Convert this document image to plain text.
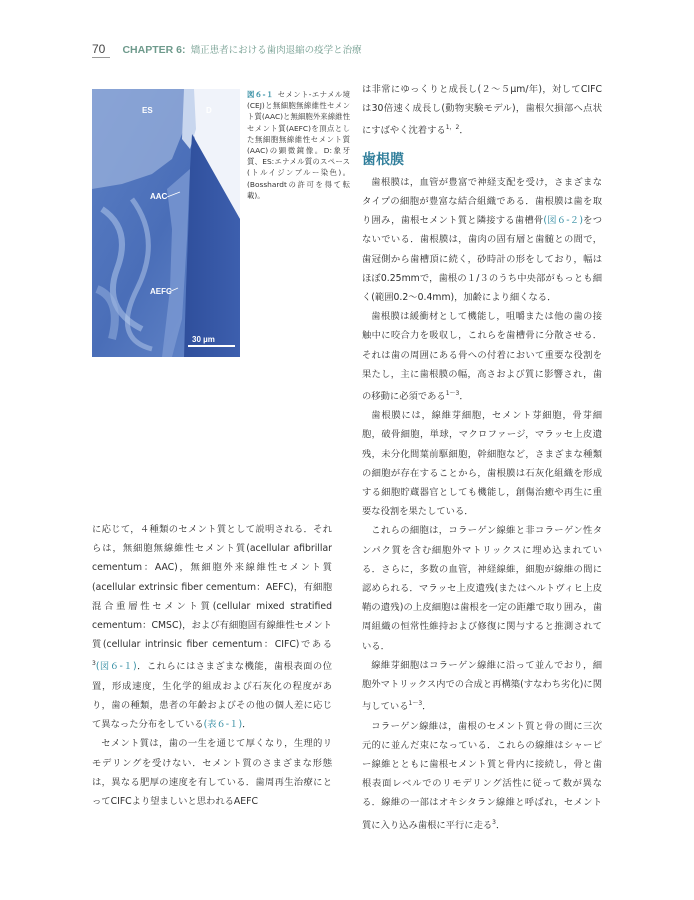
70 CHAPTER 6: 矯正患者における歯肉退縮の疫学と治療
ES	D
AAC
AEFC
30 µm
図６-１ セメント-エナメル境(CEJ)と無細胞無線維性セメント質(AAC)と無細胞外来線維性セメント質(AEFC)を頂点とした無細胞無線維性セメント質(AAC)の顕微鏡像。D:象牙質、ES:エナメル質のスペース(トルイジンブルー染色)。(Bosshardtの許可を得て転載)。

に応じて，４種類のセメント質として説明される．それらは，無細胞無線維性セメント質(acellular afibrillar cementum：AAC)，無細胞外来線維性セメント質(acellular extrinsic fiber cementum：AEFC)，有細胞混合重層性セメント質(cellular mixed stratified cementum：CMSC)，および有細胞固有線維性セメント質(cellular intrinsic fiber cementum：CIFC)である$^3$(図６-１)．これらにはさまざまな機能，歯根表面の位置，形成速度，生化学的組成および石灰化の程度があり，歯の種類，患者の年齢およびその他の個人差に応じて異なった分布をしている(表６-１)．

セメント質は，歯の一生を通じて厚くなり，生理的リモデリングを受けない．セメント質のさまざまな形態は，異なる肥厚の速度を有している．歯周再生治療にとってCIFCより望ましいと思われるAEFC

は非常にゆっくりと成長し(２～５µm/年)，対してCIFCは30倍速く成長し(動物実験モデル)，歯根欠損部へ点状にすばやく沈着する$^{1,2}$．

歯根膜

歯根膜は，血管が豊富で神経支配を受け，さまざまなタイプの細胞が豊富な結合組織である．歯根膜は歯を取り囲み，歯根セメント質と隣接する歯槽骨(図６-２)をつないでいる．歯根膜は，歯肉の固有層と歯髄との間で，歯冠側から歯槽頂に続く，砂時計の形をしており，幅はほぼ0.25mmで，歯根の１/３のうち中央部がもっとも細く(範囲0.2～0.4mm)，加齢により細くなる．

歯根膜は緩衝材として機能し，咀嚼または他の歯の接触中に咬合力を吸収し，これらを歯槽骨に分散させる．それは歯の周囲にある骨への付着において重要な役割を果たし，主に歯根膜の幅，高さおよび質に影響され，歯の移動に必須である$^{1\sim 3}$．

歯根膜には，線維芽細胞，セメント芽細胞，骨芽細胞，破骨細胞，単球，マクロファージ，マラッセ上皮遺残，未分化間葉前駆細胞，幹細胞など，さまざまな種類の細胞が存在することから，歯根膜は石灰化組織を形成する細胞貯蔵器官としても機能し，創傷治癒や再生に重要な役割を果たしている．

これらの細胞は，コラーゲン線維と非コラーゲン性タンパク質を含む細胞外マトリックスに埋め込まれている．さらに，多数の血管，神経線維，細胞が線維の間に認められる．マラッセ上皮遺残(またはヘルトヴィヒ上皮鞘の遺残)の上皮細胞は歯根を一定の距離で取り囲み，歯周組織の恒常性維持および修復に関与すると推測されている．

線維芽細胞はコラーゲン線維に沿って並んでおり，細胞外マトリックス内での合成と再構築(すなわち劣化)に関与している$^{1\sim 3}$．

コラーゲン線維は，歯根のセメント質と骨の間に三次元的に並んだ束になっている．これらの線維はシャーピー線維とともに歯根セメント質と骨内に接続し，骨と歯根表面レベルでのリモデリング活性に従って数が異なる．線維の一部はオキシタラン線維と呼ばれ，セメント質に入り込み歯根に平行に走る$^3$．
